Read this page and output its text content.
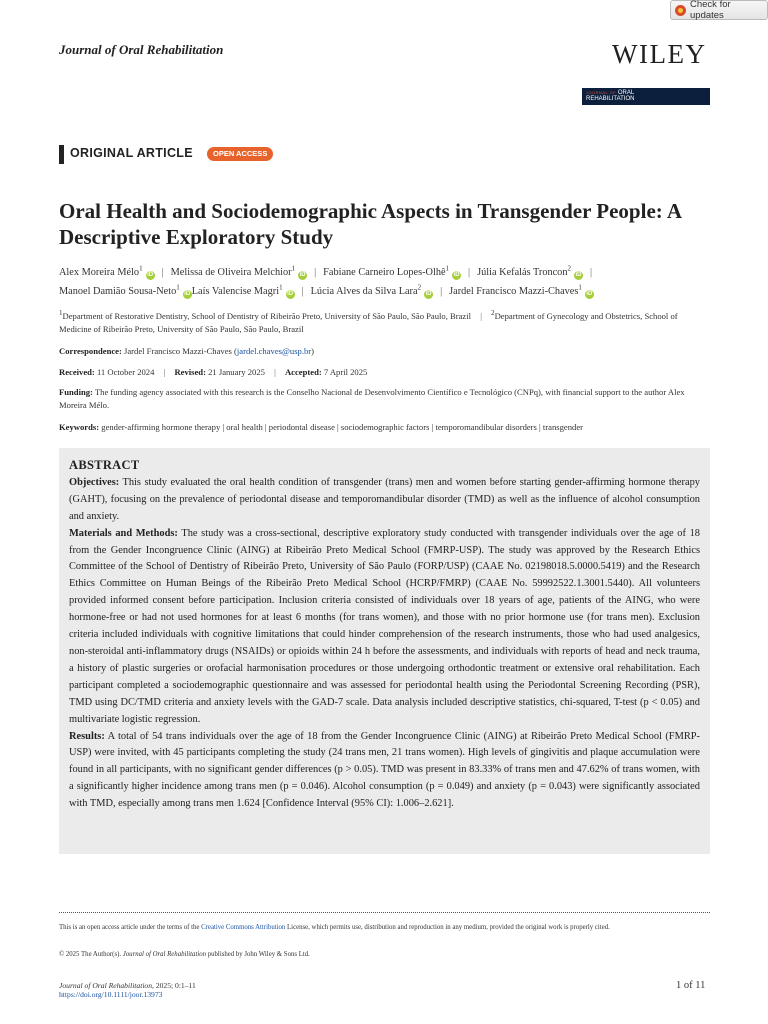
Check for updates
Journal of Oral Rehabilitation	WILEY
JOURNAL OF ORAL
REHABILITATION
ORIGINAL ARTICLE	OPEN ACCESS
Oral Health and Sociodemographic Aspects in Transgender People: A Descriptive Exploratory Study
Alex Moreira Mélo$^1$iD | Melissa de Oliveira Melchior$^1$iD | Fabiane Carneiro Lopes-Olhê$^1$iD | Júlia Kefalás Troncon$^2$iD |
Manoel Damião Sousa-Neto$^1$iD Laís Valencise Magri$^1$iD | Lúcia Alves da Silva Lara$^2$iD | Jardel Francisco Mazzi-Chaves$^1$iD
$^1$Department of Restorative Dentistry, School of Dentistry of Ribeirão Preto, University of São Paulo, São Paulo, Brazil | $^2$Department of Gynecology and Obstetrics, School of Medicine of Ribeirão Preto, University of São Paulo, São Paulo, Brazil
Correspondence: Jardel Francisco Mazzi-Chaves (jardel.chaves@usp.br)
Received: 11 October 2024 | Revised: 21 January 2025 | Accepted: 7 April 2025
Funding: The funding agency associated with this research is the Conselho Nacional de Desenvolvimento Científico e Tecnológico (CNPq), with financial support to the author Alex Moreira Mélo.
Keywords: gender-affirming hormone therapy | oral health | periodontal disease | sociodemographic factors | temporomandibular disorders | transgender
ABSTRACT

Objectives: This study evaluated the oral health condition of transgender (trans) men and women before starting gender-affirming hormone therapy (GAHT), focusing on the prevalence of periodontal disease and temporomandibular disorder (TMD) as well as the influence of alcohol consumption and anxiety.

Materials and Methods: The study was a cross-sectional, descriptive exploratory study conducted with transgender individuals over the age of 18 from the Gender Incongruence Clinic (AING) at Ribeirão Preto Medical School (FMRP-USP). The study was approved by the Research Ethics Committee of the School of Dentistry of Ribeirão Preto, University of São Paulo (FORP/USP) (CAAE No. 02198018.5.0000.5419) and the Research Ethics Committee on Human Beings of the Ribeirão Preto Medical School (HCRP/FMRP) (CAAE No. 59992522.1.3001.5440). All volunteers provided informed consent before participation. Inclusion criteria consisted of individuals over 18 years of age, patients of the AING, who were hormone-free or had not used hormones for at least 6 months (for trans women), and those with no prior hormone use (for trans men). Exclusion criteria included individuals with cognitive limitations that could hinder comprehension of the research instruments, those who had used analgesics, non-steroidal anti-inflammatory drugs (NSAIDs) or opioids within 24 h before the assessments, and individuals with reports of head and neck trauma, a history of plastic surgeries or orofacial harmonisation procedures or those undergoing orthodontic treatment or extensive oral rehabilitation. Each participant completed a sociodemographic questionnaire and was assessed for periodontal health using the Periodontal Screening Recording (PSR), TMD using DC/TMD criteria and anxiety levels with the GAD-7 scale. Data analysis included descriptive statistics, chi-squared, T-test (p < 0.05) and multivariate logistic regression.

Results: A total of 54 trans individuals over the age of 18 from the Gender Incongruence Clinic (AING) at Ribeirão Preto Medical School (FMRP-USP) were invited, with 45 participants completing the study (24 trans men, 21 trans women). High levels of gingivitis and plaque accumulation were found in all participants, with no significant gender differences (p > 0.05). TMD was present in 83.33% of trans men and 47.62% of trans women, with a significantly higher incidence among trans men (p = 0.046). Alcohol consumption (p = 0.049) and anxiety (p = 0.043) were significantly associated with TMD, especially among trans men 1.624 [Confidence Interval (95% CI): 1.006–2.621].

This is an open access article under the terms of the Creative Commons Attribution License, which permits use, distribution and reproduction in any medium, provided the original work is properly cited.
© 2025 The Author(s). Journal of Oral Rehabilitation published by John Wiley & Sons Ltd.
Journal of Oral Rehabilitation, 2025; 0:1–11
https://doi.org/10.1111/joor.13973
1 of 11
